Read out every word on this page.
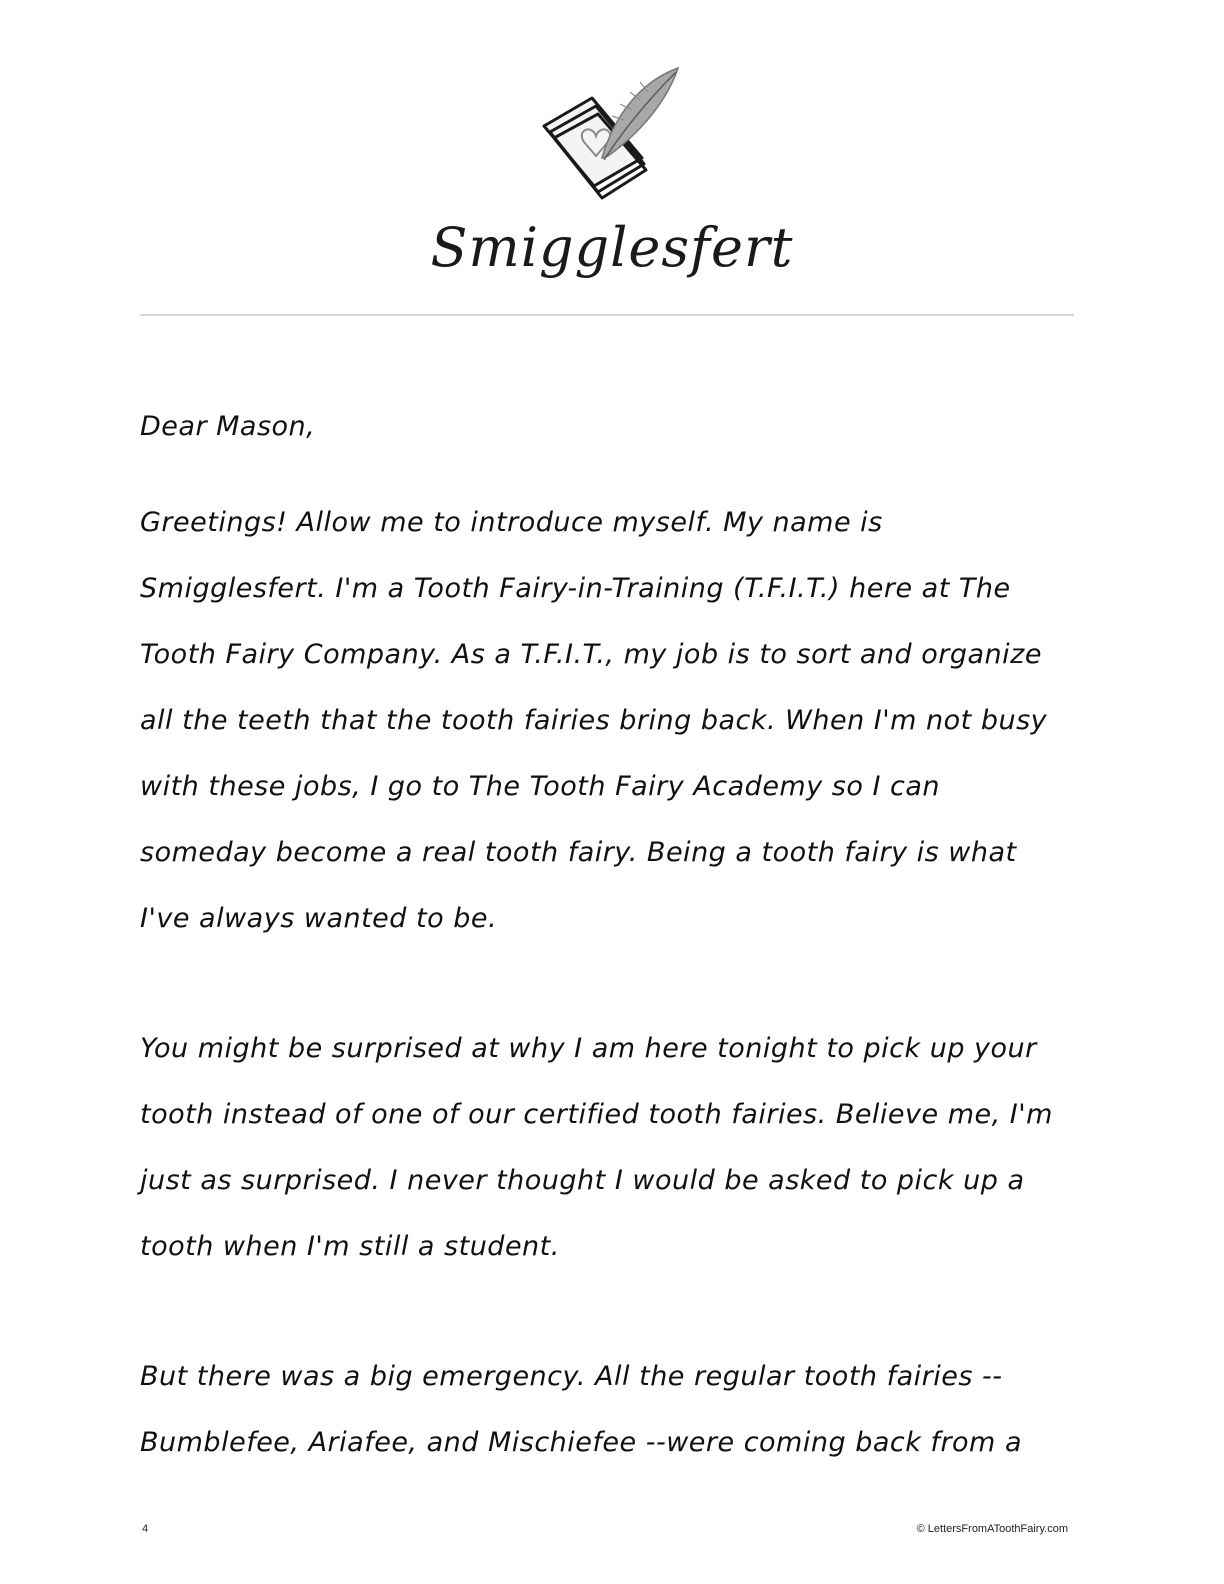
Smigglesfert

Dear Mason,

Greetings! Allow me to introduce myself. My name is Smigglesfert. I'm a Tooth Fairy-in-Training (T.F.I.T.) here at The Tooth Fairy Company. As a T.F.I.T., my job is to sort and organize all the teeth that the tooth fairies bring back. When I'm not busy with these jobs, I go to The Tooth Fairy Academy so I can someday become a real tooth fairy. Being a tooth fairy is what I've always wanted to be.

You might be surprised at why I am here tonight to pick up your tooth instead of one of our certified tooth fairies. Believe me, I'm just as surprised. I never thought I would be asked to pick up a tooth when I'm still a student.

But there was a big emergency. All the regular tooth fairies -- Bumblefee, Ariafee, and Mischiefee --were coming back from a

4	© LettersFromAToothFairy.com
